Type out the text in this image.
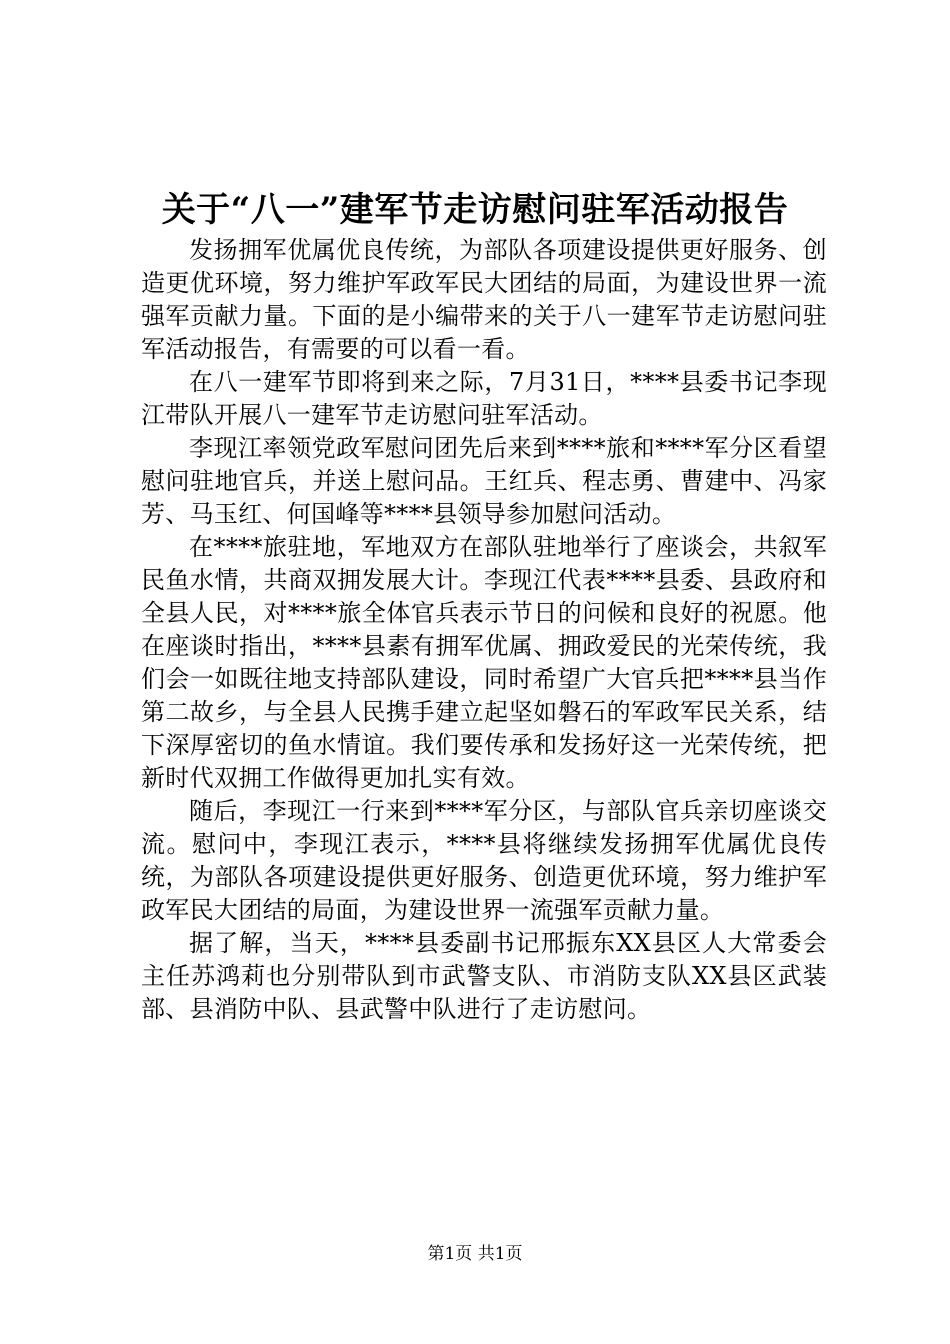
关于“八一”建军节走访慰问驻军活动报告

发扬拥军优属优良传统，为部队各项建设提供更好服务、创造更优环境，努力维护军政军民大团结的局面，为建设世界一流强军贡献力量。下面的是小编带来的关于八一建军节走访慰问驻军活动报告，有需要的可以看一看。

在八一建军节即将到来之际，7月31日，****县委书记李现江带队开展八一建军节走访慰问驻军活动。

李现江率领党政军慰问团先后来到****旅和****军分区看望慰问驻地官兵，并送上慰问品。王红兵、程志勇、曹建中、冯家芳、马玉红、何国峰等****县领导参加慰问活动。

在****旅驻地，军地双方在部队驻地举行了座谈会，共叙军民鱼水情，共商双拥发展大计。李现江代表****县委、县政府和全县人民，对****旅全体官兵表示节日的问候和良好的祝愿。他在座谈时指出，****县素有拥军优属、拥政爱民的光荣传统，我们会一如既往地支持部队建设，同时希望广大官兵把****县当作第二故乡，与全县人民携手建立起坚如磐石的军政军民关系，结下深厚密切的鱼水情谊。我们要传承和发扬好这一光荣传统，把新时代双拥工作做得更加扎实有效。

随后，李现江一行来到****军分区，与部队官兵亲切座谈交流。慰问中，李现江表示，****县将继续发扬拥军优属优良传统，为部队各项建设提供更好服务、创造更优环境，努力维护军政军民大团结的局面，为建设世界一流强军贡献力量。

据了解，当天，****县委副书记邢振东XX县区人大常委会主任苏鸿莉也分别带队到市武警支队、市消防支队XX县区武装部、县消防中队、县武警中队进行了走访慰问。

第1页 共1页
